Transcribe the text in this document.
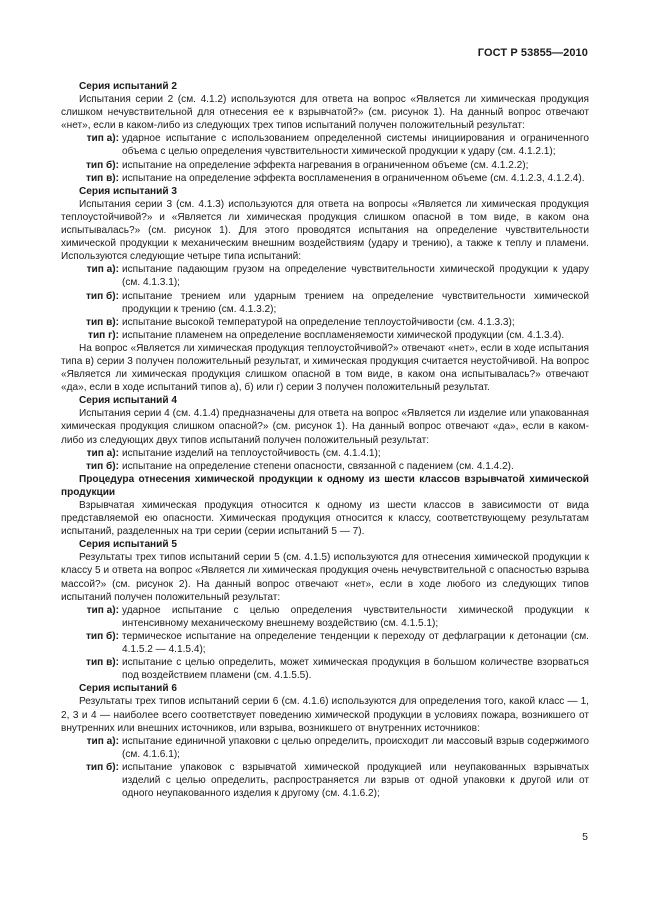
ГОСТ Р 53855—2010
Серия испытаний 2
Испытания серии 2 (см. 4.1.2) используются для ответа на вопрос «Является ли химическая продукция слишком нечувствительной для отнесения ее к взрывчатой?» (см. рисунок 1). На данный вопрос отвечают «нет», если в каком-либо из следующих трех типов испытаний получен положительный результат:
тип а): ударное испытание с использованием определенной системы инициирования и ограниченного объема с целью определения чувствительности химической продукции к удару (см. 4.1.2.1);
тип б): испытание на определение эффекта нагревания в ограниченном объеме (см. 4.1.2.2);
тип в): испытание на определение эффекта воспламенения в ограниченном объеме (см. 4.1.2.3, 4.1.2.4).
Серия испытаний 3
Испытания серии 3 (см. 4.1.3) используются для ответа на вопросы «Является ли химическая продукция теплоустойчивой?» и «Является ли химическая продукция слишком опасной в том виде, в каком она испытывалась?» (см. рисунок 1). Для этого проводятся испытания на определение чувствительности химической продукции к механическим внешним воздействиям (удару и трению), а также к теплу и пламени. Используются следующие четыре типа испытаний:
тип а): испытание падающим грузом на определение чувствительности химической продукции к удару (см. 4.1.3.1);
тип б): испытание трением или ударным трением на определение чувствительности химической продукции к трению (см. 4.1.3.2);
тип в): испытание высокой температурой на определение теплоустойчивости (см. 4.1.3.3);
тип г): испытание пламенем на определение воспламеняемости химической продукции (см. 4.1.3.4).
На вопрос «Является ли химическая продукция теплоустойчивой?» отвечают «нет», если в ходе испытания типа в) серии 3 получен положительный результат, и химическая продукция считается неустойчивой. На вопрос «Является ли химическая продукция слишком опасной в том виде, в каком она испытывалась?» отвечают «да», если в ходе испытаний типов а), б) или г) серии 3 получен положительный результат.
Серия испытаний 4
Испытания серии 4 (см. 4.1.4) предназначены для ответа на вопрос «Является ли изделие или упакованная химическая продукция слишком опасной?» (см. рисунок 1). На данный вопрос отвечают «да», если в каком-либо из следующих двух типов испытаний получен положительный результат:
тип а): испытание изделий на теплоустойчивость (см. 4.1.4.1);
тип б): испытание на определение степени опасности, связанной с падением (см. 4.1.4.2).
Процедура отнесения химической продукции к одному из шести классов взрывчатой химической продукции
Взрывчатая химическая продукция относится к одному из шести классов в зависимости от вида представляемой ею опасности. Химическая продукция относится к классу, соответствующему результатам испытаний, разделенных на три серии (серии испытаний 5 — 7).
Серия испытаний 5
Результаты трех типов испытаний серии 5 (см. 4.1.5) используются для отнесения химической продукции к классу 5 и ответа на вопрос «Является ли химическая продукция очень нечувствительной с опасностью взрыва массой?» (см. рисунок 2). На данный вопрос отвечают «нет», если в ходе любого из следующих типов испытаний получен положительный результат:
тип а): ударное испытание с целью определения чувствительности химической продукции к интенсивному механическому внешнему воздействию (см. 4.1.5.1);
тип б): термическое испытание на определение тенденции к переходу от дефлаграции к детонации (см. 4.1.5.2 — 4.1.5.4);
тип в): испытание с целью определить, может химическая продукция в большом количестве взорваться под воздействием пламени (см. 4.1.5.5).
Серия испытаний 6
Результаты трех типов испытаний серии 6 (см. 4.1.6) используются для определения того, какой класс — 1, 2, 3 и 4 — наиболее всего соответствует поведению химической продукции в условиях пожара, возникшего от внутренних или внешних источников, или взрыва, возникшего от внутренних источников:
тип а): испытание единичной упаковки с целью определить, происходит ли массовый взрыв содержимого (см. 4.1.6.1);
тип б): испытание упаковок с взрывчатой химической продукцией или неупакованных взрывчатых изделий с целью определить, распространяется ли взрыв от одной упаковки к другой или от одного неупакованного изделия к другому (см. 4.1.6.2);
5
